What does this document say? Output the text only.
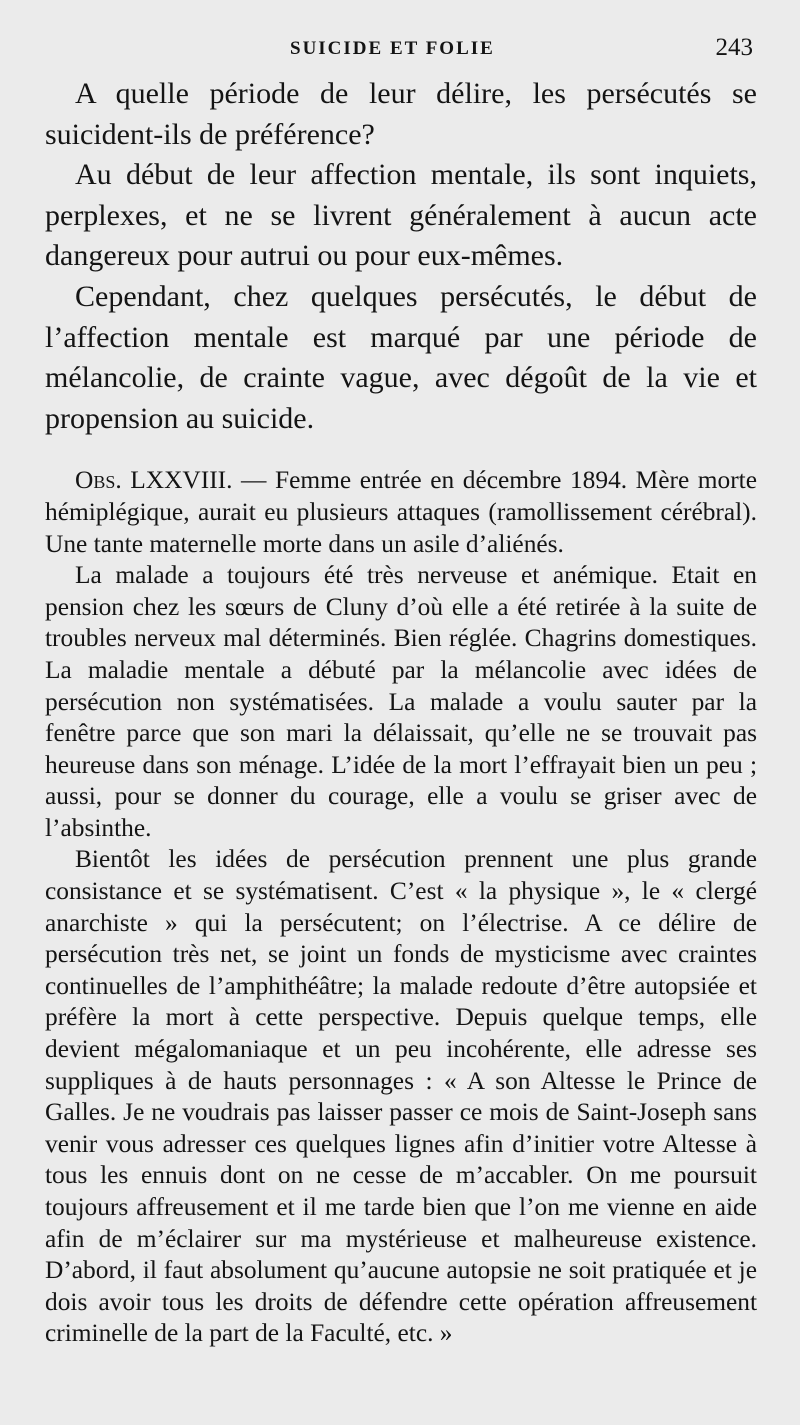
SUICIDE ET FOLIE	243

A quelle période de leur délire, les persécutés se suicident-ils de préférence?

Au début de leur affection mentale, ils sont inquiets, perplexes, et ne se livrent généralement à aucun acte dangereux pour autrui ou pour eux-mêmes.

Cependant, chez quelques persécutés, le début de l’affection mentale est marqué par une période de mélancolie, de crainte vague, avec dégoût de la vie et propension au suicide.

Obs. LXXVIII. — Femme entrée en décembre 1894. Mère morte hémiplégique, aurait eu plusieurs attaques (ramollissement cérébral). Une tante maternelle morte dans un asile d’aliénés.

La malade a toujours été très nerveuse et anémique. Etait en pension chez les sœurs de Cluny d’où elle a été retirée à la suite de troubles nerveux mal déterminés. Bien réglée. Chagrins domestiques. La maladie mentale a débuté par la mélancolie avec idées de persécution non systématisées. La malade a voulu sauter par la fenêtre parce que son mari la délaissait, qu’elle ne se trouvait pas heureuse dans son ménage. L’idée de la mort l’effrayait bien un peu ; aussi, pour se donner du courage, elle a voulu se griser avec de l’absinthe.

Bientôt les idées de persécution prennent une plus grande consistance et se systématisent. C’est « la physique », le « clergé anarchiste » qui la persécutent; on l’électrise. A ce délire de persécution très net, se joint un fonds de mysticisme avec craintes continuelles de l’amphithéâtre; la malade redoute d’être autopsiée et préfère la mort à cette perspective. Depuis quelque temps, elle devient mégalomaniaque et un peu incohérente, elle adresse ses suppliques à de hauts personnages : « A son Altesse le Prince de Galles. Je ne voudrais pas laisser passer ce mois de Saint-Joseph sans venir vous adresser ces quelques lignes afin d’initier votre Altesse à tous les ennuis dont on ne cesse de m’accabler. On me poursuit toujours affreusement et il me tarde bien que l’on me vienne en aide afin de m’éclairer sur ma mystérieuse et malheureuse existence. D’abord, il faut absolument qu’aucune autopsie ne soit pratiquée et je dois avoir tous les droits de défendre cette opération affreusement criminelle de la part de la Faculté, etc. »
